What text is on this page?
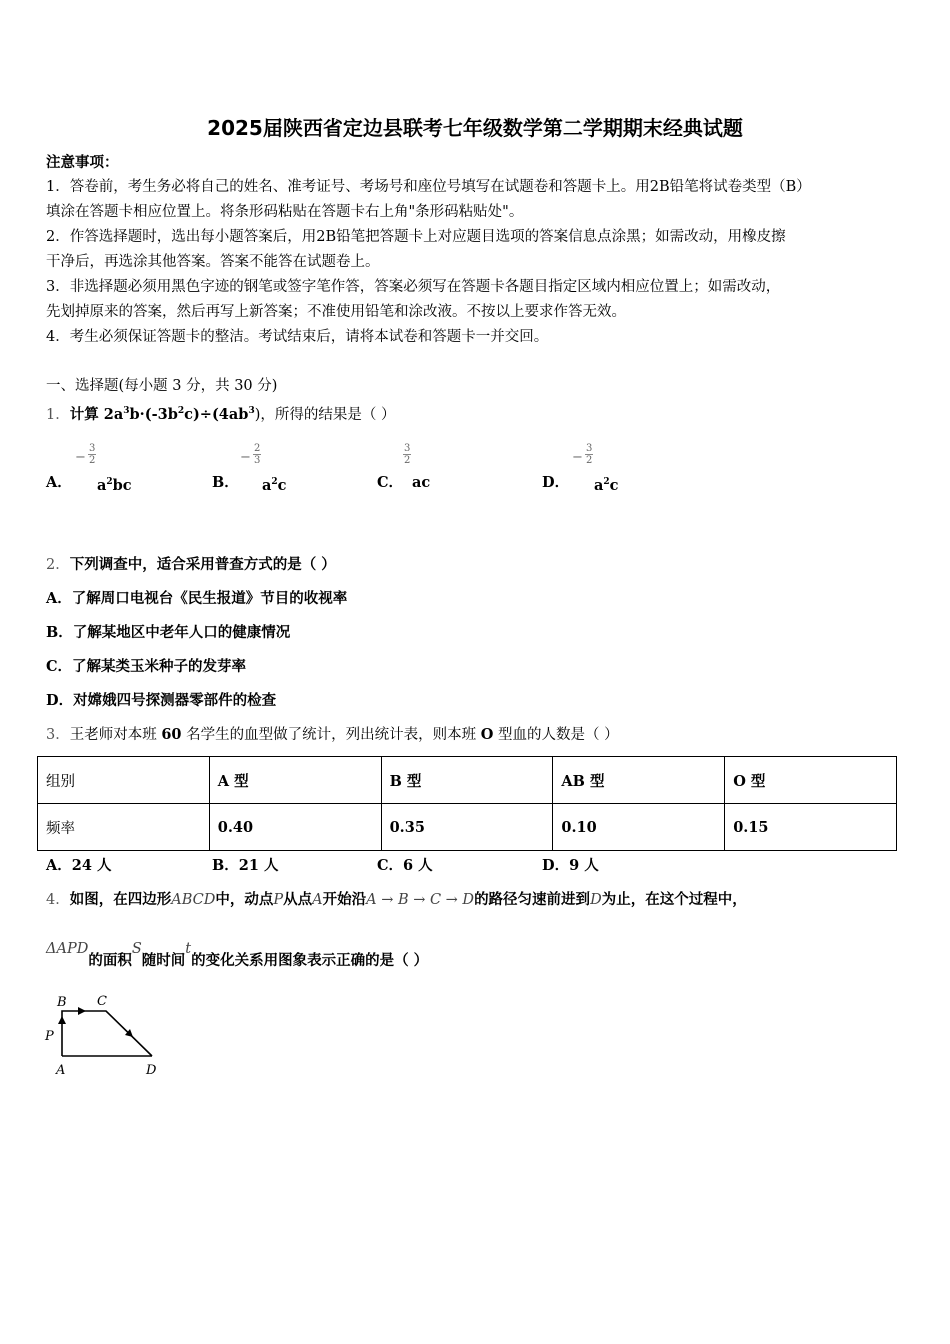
2025届陕西省定边县联考七年级数学第二学期期末经典试题
注意事项：
1．答卷前，考生务必将自己的姓名、准考证号、考场号和座位号填写在试题卷和答题卡上。用2B铅笔将试卷类型（B）
填涂在答题卡相应位置上。将条形码粘贴在答题卡右上角"条形码粘贴处"。
2．作答选择题时，选出每小题答案后，用2B铅笔把答题卡上对应题目选项的答案信息点涂黑；如需改动，用橡皮擦
干净后，再选涂其他答案。答案不能答在试题卷上。
3．非选择题必须用黑色字迹的钢笔或签字笔作答，答案必须写在答题卡各题目指定区域内相应位置上；如需改动，
先划掉原来的答案，然后再写上新答案；不准使用铅笔和涂改液。不按以上要求作答无效。
4．考生必须保证答题卡的整洁。考试结束后，请将本试卷和答题卡一并交回。
一、选择题(每小题 3 分，共 30 分)
1．计算 $2a^3b\cdot(-3b^2c)\div(4ab^3)$，所得的结果是（ ）
− $\frac{3}{2}$
A． $a^2bc$
− $\frac{2}{3}$
B． $a^2c$
$\frac{3}{2}$
C． ac
− $\frac{3}{2}$
D． $a^2c$
2．下列调查中，适合采用普查方式的是（ ）
A．了解周口电视台《民生报道》节目的收视率
B．了解某地区中老年人口的健康情况
C．了解某类玉米种子的发芽率
D．对嫦娥四号探测器零部件的检查
3．王老师对本班 60 名学生的血型做了统计，列出统计表，则本班 O 型血的人数是（ ）
组别	A 型	B 型	AB 型	O 型
频率	0.40	0.35	0.10	0.15
A．24 人	B．21 人	C．6 人	D．9 人
4．如图，在四边形ABCD中，动点P从点A开始沿A → B → C → D的路径匀速前进到D为止，在这个过程中，
ΔAPD的面积S随时间t的变化关系用图象表示正确的是（ ）
B C
P
A	D
